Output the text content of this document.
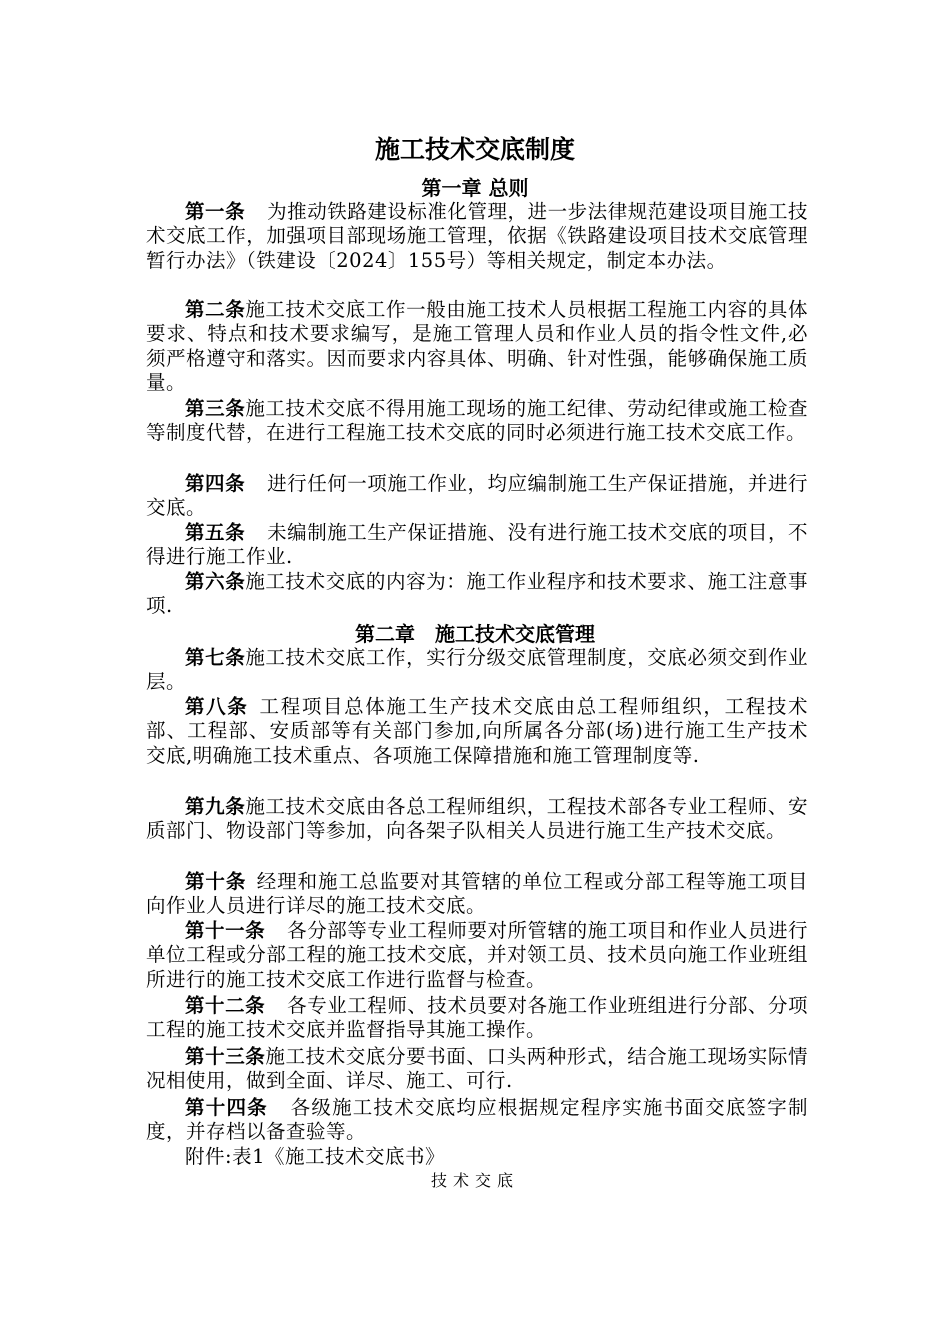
施工技术交底制度
第一章 总则
第一条 为推动铁路建设标准化管理，进一步法律规范建设项目施工技术交底工作，加强项目部现场施工管理，依据《铁路建设项目技术交底管理暂行办法》（铁建设〔2024〕155号）等相关规定，制定本办法。
第二条施工技术交底工作一般由施工技术人员根据工程施工内容的具体要求、特点和技术要求编写，是施工管理人员和作业人员的指令性文件,必须严格遵守和落实。因而要求内容具体、明确、针对性强，能够确保施工质量。
第三条施工技术交底不得用施工现场的施工纪律、劳动纪律或施工检查等制度代替，在进行工程施工技术交底的同时必须进行施工技术交底工作。
第四条 进行任何一项施工作业，均应编制施工生产保证措施，并进行交底。
第五条 未编制施工生产保证措施、没有进行施工技术交底的项目，不得进行施工作业.
第六条施工技术交底的内容为：施工作业程序和技术要求、施工注意事项.
第二章　施工技术交底管理
第七条施工技术交底工作，实行分级交底管理制度，交底必须交到作业层。
第八条 工程项目总体施工生产技术交底由总工程师组织，工程技术部、工程部、安质部等有关部门参加,向所属各分部(场)进行施工生产技术交底,明确施工技术重点、各项施工保障措施和施工管理制度等.
第九条施工技术交底由各总工程师组织，工程技术部各专业工程师、安质部门、物设部门等参加，向各架子队相关人员进行施工生产技术交底。
第十条 经理和施工总监要对其管辖的单位工程或分部工程等施工项目向作业人员进行详尽的施工技术交底。
第十一条 各分部等专业工程师要对所管辖的施工项目和作业人员进行单位工程或分部工程的施工技术交底，并对领工员、技术员向施工作业班组所进行的施工技术交底工作进行监督与检查。
第十二条 各专业工程师、技术员要对各施工作业班组进行分部、分项工程的施工技术交底并监督指导其施工操作。
第十三条施工技术交底分要书面、口头两种形式，结合施工现场实际情况相使用，做到全面、详尽、施工、可行.
第十四条 各级施工技术交底均应根据规定程序实施书面交底签字制度，并存档以备查验等。
附件:表1《施工技术交底书》
技术交底
